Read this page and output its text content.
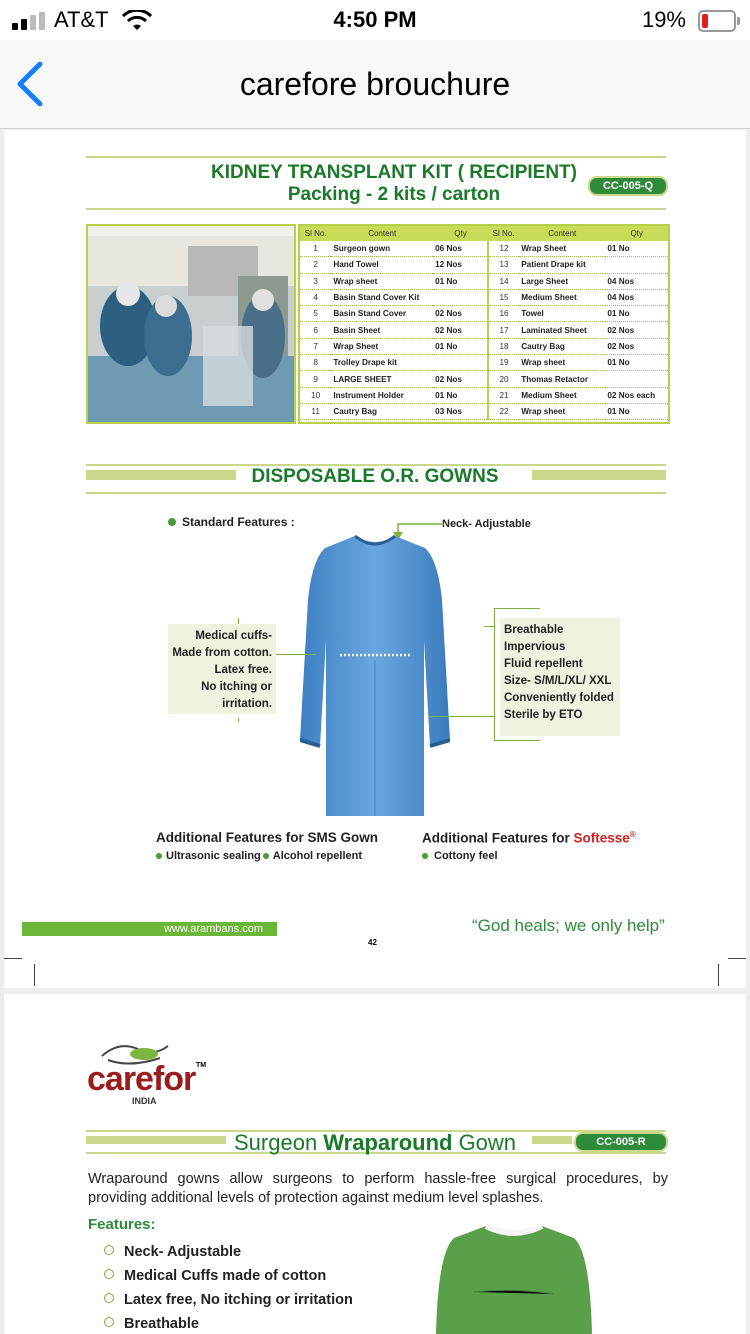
AT&T	4:50 PM	19%
carefore brouchure
KIDNEY TRANSPLANT KIT ( RECIPIENT)
Packing - 2 kits / carton	CC-005-Q
Sl No.	Content	Qty	Sl No.	Content	Qty
1	Surgeon gown	06 Nos	12	Wrap Sheet	01 No
2	Hand Towel	12 Nos	13	Patient Drape kit	
3	Wrap sheet	01 No	14	Large Sheet	04 Nos
4	Basin Stand Cover Kit		15	Medium Sheet	04 Nos
5	Basin Stand Cover	02 Nos	16	Towel	01 No
6	Basin Sheet	02 Nos	17	Laminated Sheet	02 Nos
7	Wrap Sheet	01 No	18	Cautry Bag	02 Nos
8	Trolley Drape kit		19	Wrap sheet	01 No
9	LARGE SHEET	02 Nos	20	Thomas Retactor	
10	Instrument Holder	01 No	21	Medium Sheet	02 Nos each
11	Cautry Bag	03 Nos	22	Wrap sheet	01 No
DISPOSABLE O.R. GOWNS
Standard Features :	Neck- Adjustable
Medical cuffs-
Made from cotton.
Latex free.
No itching or
irritation.
Breathable
Impervious
Fluid repellent
Size- S/M/L/XL/ XXL
Conveniently folded
Sterile by ETO
Additional Features for SMS Gown
Ultrasonic sealing Alcohol repellent
Additional Features for Softesse®
Cottony feel
www.arambans.com	“God heals; we only help”
42
carefor TM
INDIA
Surgeon Wraparound Gown	CC-005-R
Wraparound gowns allow surgeons to perform hassle-free surgical procedures, by providing additional levels of protection against medium level splashes.
Features:
Neck- Adjustable
Medical Cuffs made of cotton
Latex free, No itching or irritation
Breathable
